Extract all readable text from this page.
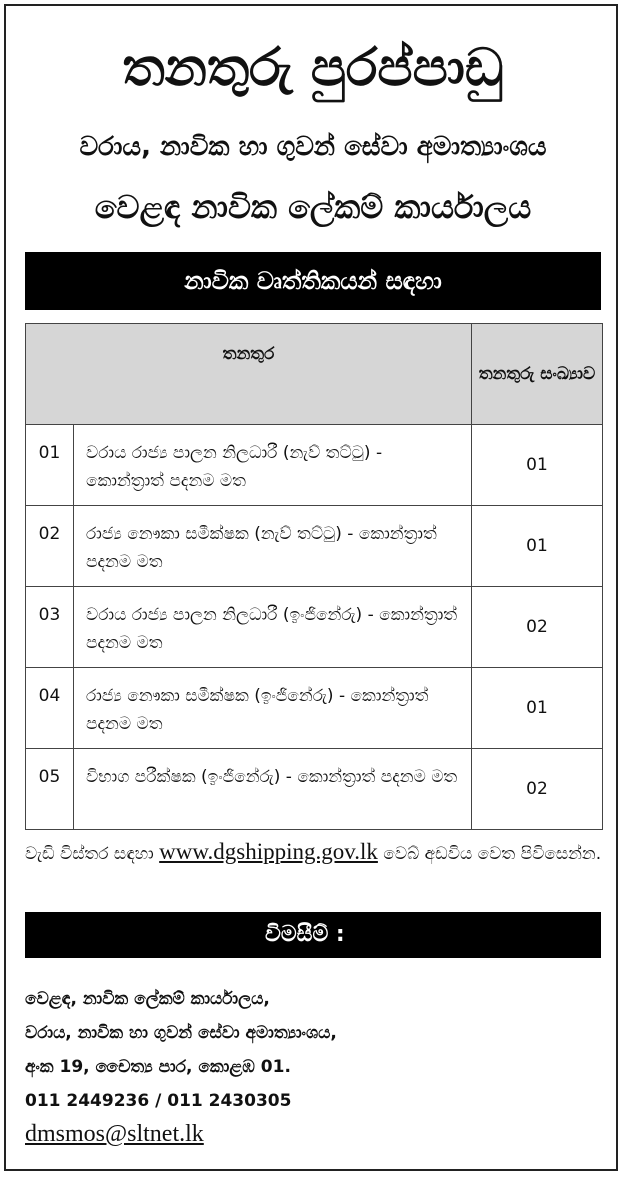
තනතුරු පුරප්පාඩු
වරාය, නාවික හා ගුවන් සේවා අමාත්‍යාංශය
වෙළඳ නාවික ලේකම් කාර්යාලය
නාවික වෘත්තිකයන් සඳහා
තනතුර		තනතුරු සංඛ්‍යාව
01	වරාය රාජ්‍ය පාලන නිලධාරී (නැව් තට්ටු) - කොන්ත්‍රාත් පදනම මත	01
02	රාජ්‍ය නෞකා සමීක්ෂක (නැව් තට්ටු) - කොන්ත්‍රාත් පදනම මත	01
03	වරාය රාජ්‍ය පාලන නිලධාරී (ඉංජිනේරු) - කොන්ත්‍රාත් පදනම මත	02
04	රාජ්‍ය නෞකා සමීක්ෂක (ඉංජිනේරු) - කොන්ත්‍රාත් පදනම මත	01
05	විභාග පරීක්ෂක (ඉංජිනේරු) - කොන්ත්‍රාත් පදනම මත	02
වැඩි විස්තර සඳහා www.dgshipping.gov.lk වෙබ් අඩවිය වෙත පිවිසෙන්න.
විමසීම් :
වෙළඳ, නාවික ලේකම් කාර්යාලය,
වරාය, නාවික හා ගුවන් සේවා අමාත්‍යාංශය,
අංක 19, චෛත්‍ය පාර, කොළඹ 01.
011 2449236 / 011 2430305
dmsmos@sltnet.lk
